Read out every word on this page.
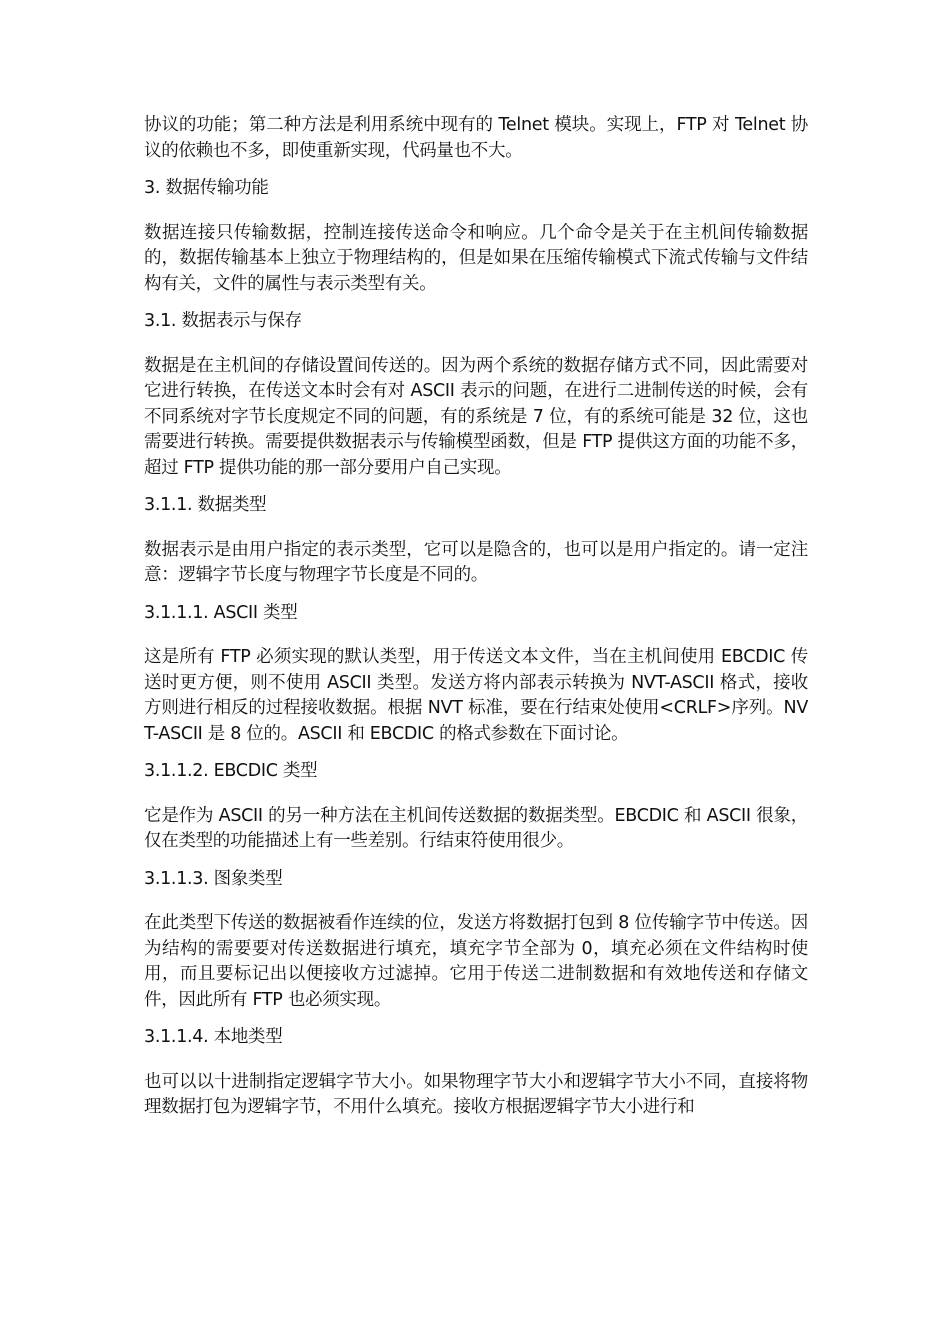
协议的功能；第二种方法是利用系统中现有的 Telnet 模块。实现上，FTP 对 Telnet 协议的依赖也不多，即使重新实现，代码量也不大。

3. 数据传输功能

数据连接只传输数据，控制连接传送命令和响应。几个命令是关于在主机间传输数据的，数据传输基本上独立于物理结构的，但是如果在压缩传输模式下流式传输与文件结构有关，文件的属性与表示类型有关。

3.1. 数据表示与保存

数据是在主机间的存储设置间传送的。因为两个系统的数据存储方式不同，因此需要对它进行转换，在传送文本时会有对 ASCII 表示的问题，在进行二进制传送的时候，会有不同系统对字节长度规定不同的问题，有的系统是 7 位，有的系统可能是 32 位，这也需要进行转换。需要提供数据表示与传输模型函数，但是 FTP 提供这方面的功能不多，超过 FTP 提供功能的那一部分要用户自己实现。

3.1.1. 数据类型

数据表示是由用户指定的表示类型，它可以是隐含的，也可以是用户指定的。请一定注意：逻辑字节长度与物理字节长度是不同的。

3.1.1.1. ASCII 类型

这是所有 FTP 必须实现的默认类型，用于传送文本文件，当在主机间使用 EBCDIC 传送时更方便，则不使用 ASCII 类型。发送方将内部表示转换为 NVT-ASCII 格式，接收方则进行相反的过程接收数据。根据 NVT 标准，要在行结束处使用<CRLF>序列。NVT-ASCII 是 8 位的。ASCII 和 EBCDIC 的格式参数在下面讨论。

3.1.1.2. EBCDIC 类型

它是作为 ASCII 的另一种方法在主机间传送数据的数据类型。EBCDIC 和 ASCII 很象，仅在类型的功能描述上有一些差别。行结束符使用很少。

3.1.1.3. 图象类型

在此类型下传送的数据被看作连续的位，发送方将数据打包到 8 位传输字节中传送。因为结构的需要要对传送数据进行填充，填充字节全部为 0，填充必须在文件结构时使用，而且要标记出以便接收方过滤掉。它用于传送二进制数据和有效地传送和存储文件，因此所有 FTP 也必须实现。

3.1.1.4. 本地类型

也可以以十进制指定逻辑字节大小。如果物理字节大小和逻辑字节大小不同，直接将物理数据打包为逻辑字节，不用什么填充。接收方根据逻辑字节大小进行和
